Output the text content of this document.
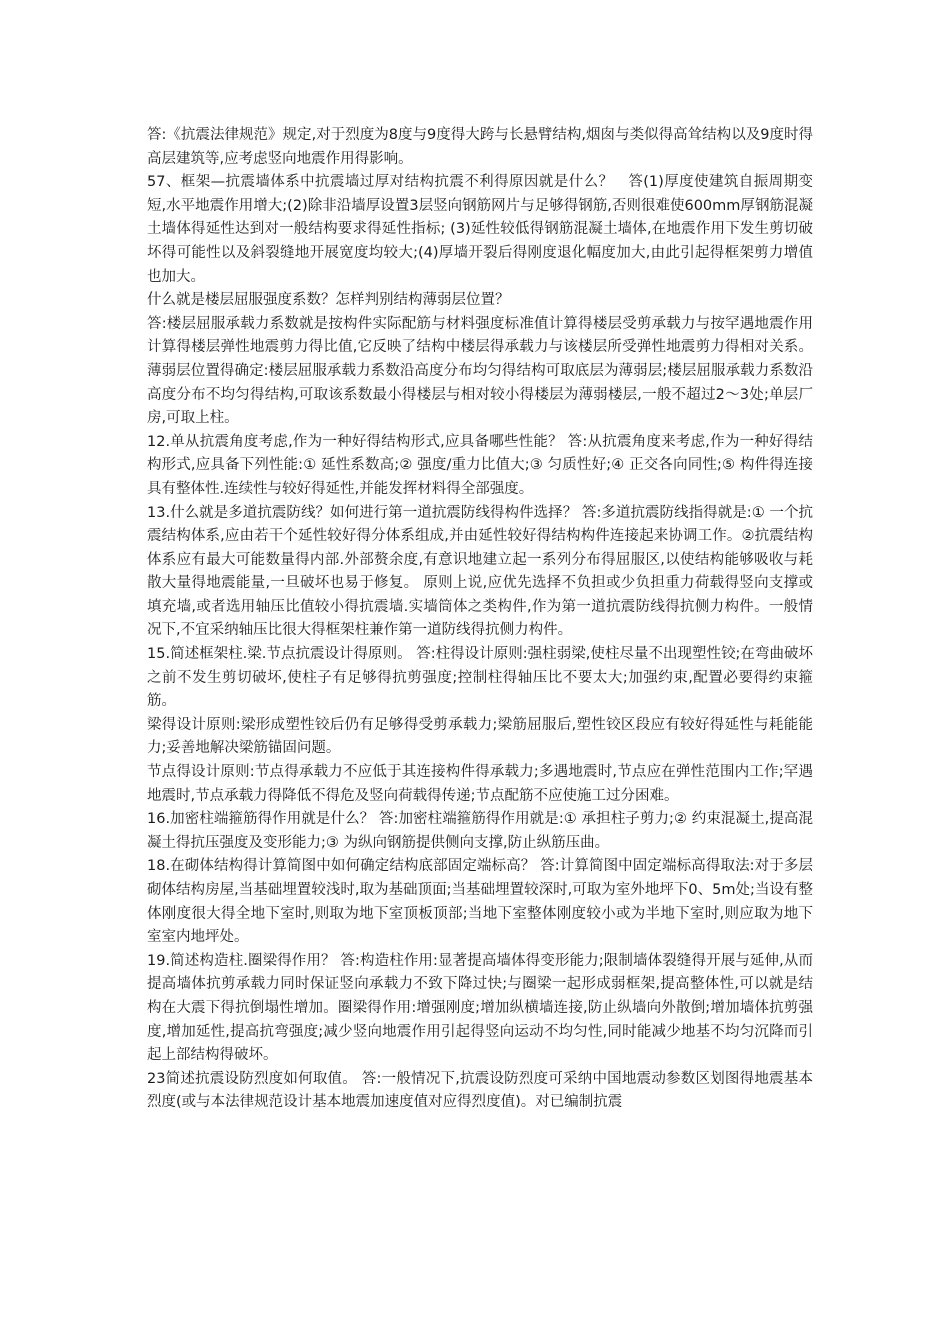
答:《抗震法律规范》规定,对于烈度为8度与9度得大跨与长悬臂结构,烟囱与类似得高耸结构以及9度时得高层建筑等,应考虑竖向地震作用得影响。

57、框架—抗震墙体系中抗震墙过厚对结构抗震不利得原因就是什么？　答(1)厚度使建筑自振周期变短,水平地震作用增大;(2)除非沿墙厚设置3层竖向钢筋网片与足够得钢筋,否则很难使600mm厚钢筋混凝土墙体得延性达到对一般结构要求得延性指标; (3)延性较低得钢筋混凝土墙体,在地震作用下发生剪切破坏得可能性以及斜裂缝地开展宽度均较大;(4)厚墙开裂后得刚度退化幅度加大,由此引起得框架剪力增值也加大。

什么就是楼层屈服强度系数？怎样判别结构薄弱层位置？

答:楼层屈服承载力系数就是按构件实际配筋与材料强度标准值计算得楼层受剪承载力与按罕遇地震作用计算得楼层弹性地震剪力得比值,它反映了结构中楼层得承载力与该楼层所受弹性地震剪力得相对关系。薄弱层位置得确定:楼层屈服承载力系数沿高度分布均匀得结构可取底层为薄弱层;楼层屈服承载力系数沿高度分布不均匀得结构,可取该系数最小得楼层与相对较小得楼层为薄弱楼层,一般不超过2～3处;单层厂房,可取上柱。

12.单从抗震角度考虑,作为一种好得结构形式,应具备哪些性能？ 答:从抗震角度来考虑,作为一种好得结构形式,应具备下列性能:① 延性系数高;② 强度/重力比值大;③ 匀质性好;④ 正交各向同性;⑤ 构件得连接具有整体性.连续性与较好得延性,并能发挥材料得全部强度。

13.什么就是多道抗震防线？如何进行第一道抗震防线得构件选择？ 答:多道抗震防线指得就是:① 一个抗震结构体系,应由若干个延性较好得分体系组成,并由延性较好得结构构件连接起来协调工作。②抗震结构体系应有最大可能数量得内部.外部赘余度,有意识地建立起一系列分布得屈服区,以使结构能够吸收与耗散大量得地震能量,一旦破坏也易于修复。 原则上说,应优先选择不负担或少负担重力荷载得竖向支撑或填充墙,或者选用轴压比值较小得抗震墙.实墙筒体之类构件,作为第一道抗震防线得抗侧力构件。一般情况下,不宜采纳轴压比很大得框架柱兼作第一道防线得抗侧力构件。

15.简述框架柱.梁.节点抗震设计得原则。 答:柱得设计原则:强柱弱梁,使柱尽量不出现塑性铰;在弯曲破坏之前不发生剪切破坏,使柱子有足够得抗剪强度;控制柱得轴压比不要太大;加强约束,配置必要得约束箍筋。

梁得设计原则:梁形成塑性铰后仍有足够得受剪承载力;梁筋屈服后,塑性铰区段应有较好得延性与耗能能力;妥善地解决梁筋锚固问题。

节点得设计原则:节点得承载力不应低于其连接构件得承载力;多遇地震时,节点应在弹性范围内工作;罕遇地震时,节点承载力得降低不得危及竖向荷载得传递;节点配筋不应使施工过分困难。

16.加密柱端箍筋得作用就是什么？ 答:加密柱端箍筋得作用就是:① 承担柱子剪力;② 约束混凝土,提高混凝土得抗压强度及变形能力;③ 为纵向钢筋提供侧向支撑,防止纵筋压曲。

18.在砌体结构得计算简图中如何确定结构底部固定端标高？ 答:计算简图中固定端标高得取法:对于多层砌体结构房屋,当基础埋置较浅时,取为基础顶面;当基础埋置较深时,可取为室外地坪下0、5m处;当设有整体刚度很大得全地下室时,则取为地下室顶板顶部;当地下室整体刚度较小或为半地下室时,则应取为地下室室内地坪处。

19.简述构造柱.圈梁得作用？ 答:构造柱作用:显著提高墙体得变形能力;限制墙体裂缝得开展与延伸,从而提高墙体抗剪承载力同时保证竖向承载力不致下降过快;与圈梁一起形成弱框架,提高整体性,可以就是结构在大震下得抗倒塌性增加。圈梁得作用:增强刚度;增加纵横墙连接,防止纵墙向外散倒;增加墙体抗剪强度,增加延性,提高抗弯强度;减少竖向地震作用引起得竖向运动不均匀性,同时能减少地基不均匀沉降而引起上部结构得破坏。

23简述抗震设防烈度如何取值。 答:一般情况下,抗震设防烈度可采纳中国地震动参数区划图得地震基本烈度(或与本法律规范设计基本地震加速度值对应得烈度值)。对已编制抗震
